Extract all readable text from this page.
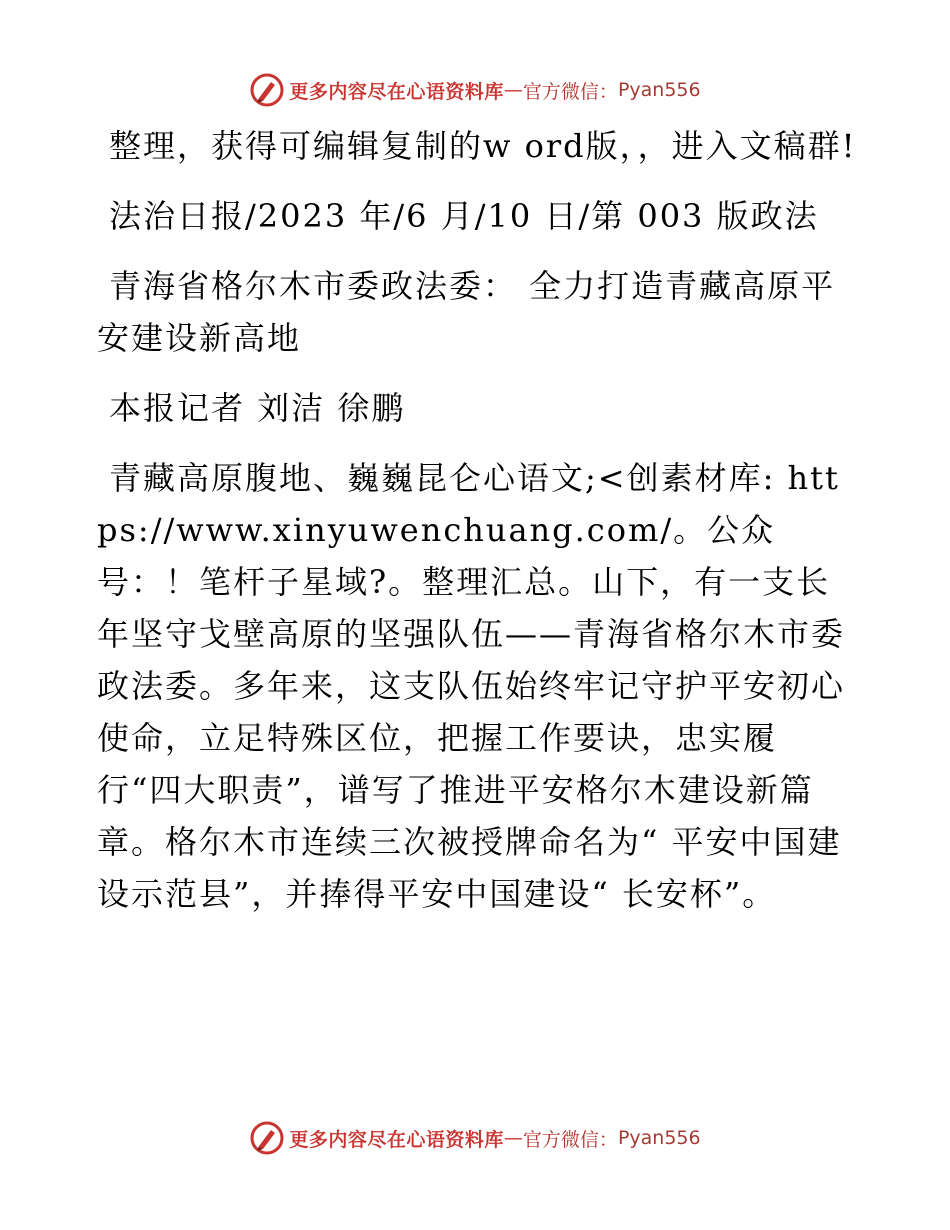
更多内容尽在心语资料库 — 官方微信： Pyan556

整理，获得可编辑复制的w ord版，，进入文稿群!

法治日报/2023 年/6 月/10 日/第 003 版政法

青海省格尔木市委政法委： 全力打造青藏高原平安建设新高地

本报记者 刘洁 徐鹏

青藏高原腹地、巍巍昆仑心语文;<创素材库: https://www.xinyuwenchuang.com/。公众号：！笔杆子星域?。整理汇总。山下，有一支长年坚守戈壁高原的坚强队伍——青海省格尔木市委政法委。多年来，这支队伍始终牢记守护平安初心使命，立足特殊区位，把握工作要诀，忠实履行“四大职责”，谱写了推进平安格尔木建设新篇章。格尔木市连续三次被授牌命名为“ 平安中国建设示范县”，并捧得平安中国建设“ 长安杯”。

更多内容尽在心语资料库 — 官方微信： Pyan556
